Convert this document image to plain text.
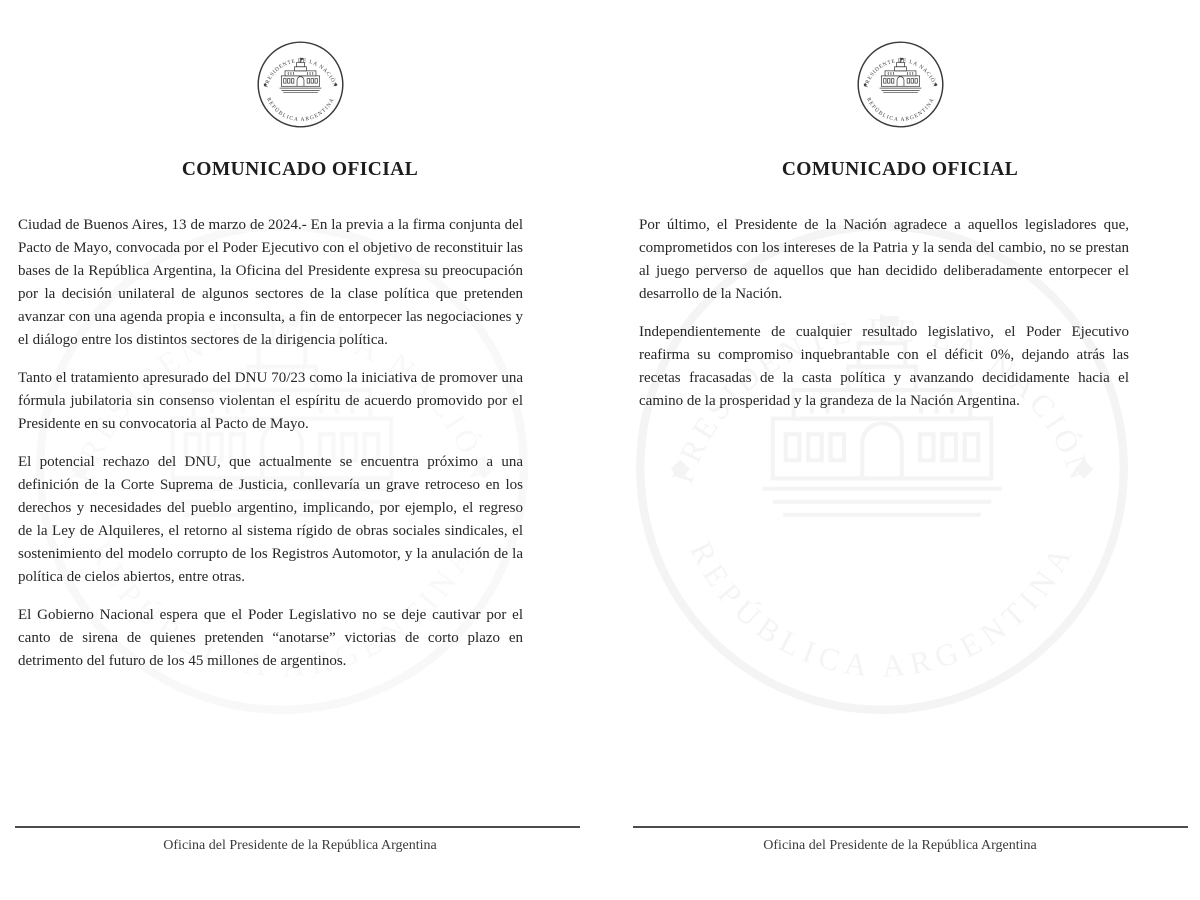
COMUNICADO OFICIAL

Ciudad de Buenos Aires, 13 de marzo de 2024.- En la previa a la firma conjunta del Pacto de Mayo, convocada por el Poder Ejecutivo con el objetivo de reconstituir las bases de la República Argentina, la Oficina del Presidente expresa su preocupación por la decisión unilateral de algunos sectores de la clase política que pretenden avanzar con una agenda propia e inconsulta, a fin de entorpecer las negociaciones y el diálogo entre los distintos sectores de la dirigencia política.

Tanto el tratamiento apresurado del DNU 70/23 como la iniciativa de promover una fórmula jubilatoria sin consenso violentan el espíritu de acuerdo promovido por el Presidente en su convocatoria al Pacto de Mayo.

El potencial rechazo del DNU, que actualmente se encuentra próximo a una definición de la Corte Suprema de Justicia, conllevaría un grave retroceso en los derechos y necesidades del pueblo argentino, implicando, por ejemplo, el regreso de la Ley de Alquileres, el retorno al sistema rígido de obras sociales sindicales, el sostenimiento del modelo corrupto de los Registros Automotor, y la anulación de la política de cielos abiertos, entre otras.

El Gobierno Nacional espera que el Poder Legislativo no se deje cautivar por el canto de sirena de quienes pretenden “anotarse” victorias de corto plazo en detrimento del futuro de los 45 millones de argentinos.

Oficina del Presidente de la República Argentina
COMUNICADO OFICIAL

Por último, el Presidente de la Nación agradece a aquellos legisladores que, comprometidos con los intereses de la Patria y la senda del cambio, no se prestan al juego perverso de aquellos que han decidido deliberadamente entorpecer el desarrollo de la Nación.

Independientemente de cualquier resultado legislativo, el Poder Ejecutivo reafirma su compromiso inquebrantable con el déficit 0%, dejando atrás las recetas fracasadas de la casta política y avanzando decididamente hacia el camino de la prosperidad y la grandeza de la Nación Argentina.

Oficina del Presidente de la República Argentina
